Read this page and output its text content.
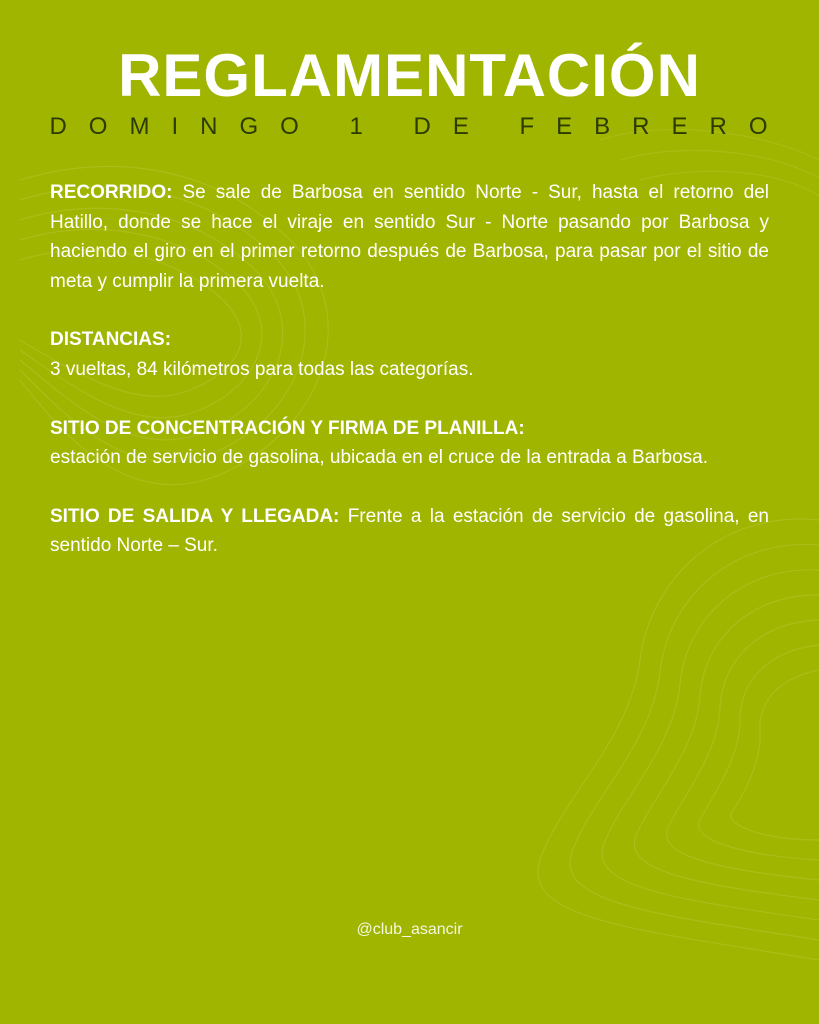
REGLAMENTACIÓN
DOMINGO 1 DE FEBRERO

RECORRIDO: Se sale de Barbosa en sentido Norte - Sur, hasta el retorno del Hatillo, donde se hace el viraje en sentido Sur - Norte pasando por Barbosa y haciendo el giro en el primer retorno después de Barbosa, para pasar por el sitio de meta y cumplir la primera vuelta.

DISTANCIAS:
3 vueltas, 84 kilómetros para todas las categorías.

SITIO DE CONCENTRACIÓN Y FIRMA DE PLANILLA:
estación de servicio de gasolina, ubicada en el cruce de la entrada a Barbosa.

SITIO DE SALIDA Y LLEGADA: Frente a la estación de servicio de gasolina, en sentido Norte – Sur.

@club_asancir
